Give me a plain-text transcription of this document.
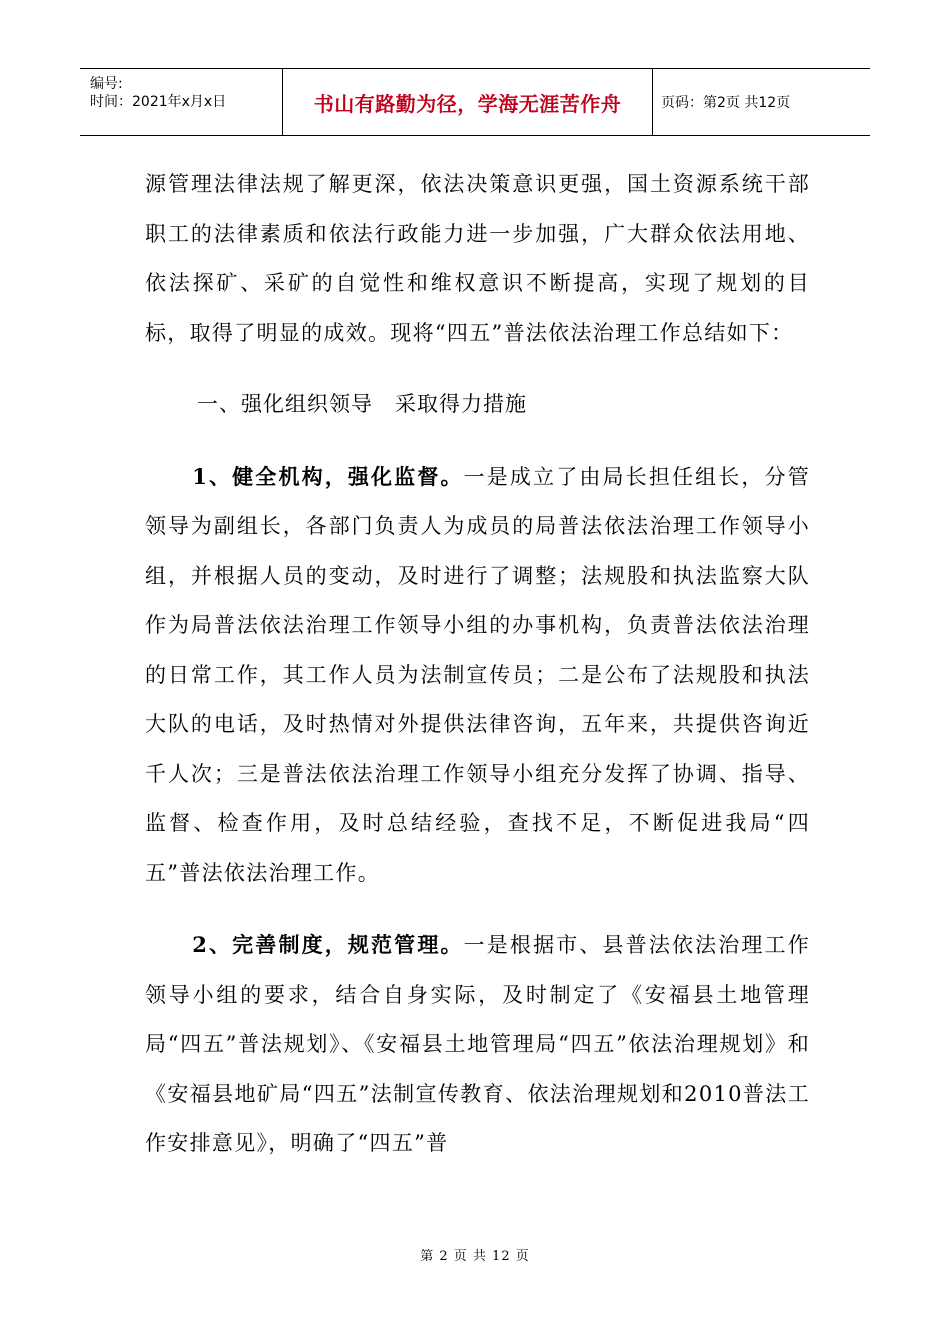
编号:
时间：2021年x月x日	书山有路勤为径，学海无涯苦作舟	页码：第2页 共12页

源管理法律法规了解更深，依法决策意识更强，国土资源系统干部职工的法律素质和依法行政能力进一步加强，广大群众依法用地、依法探矿、采矿的自觉性和维权意识不断提高，实现了规划的目标，取得了明显的成效。现将“四五”普法依法治理工作总结如下：

一、强化组织领导　采取得力措施

1、健全机构，强化监督。一是成立了由局长担任组长，分管领导为副组长，各部门负责人为成员的局普法依法治理工作领导小组，并根据人员的变动，及时进行了调整；法规股和执法监察大队作为局普法依法治理工作领导小组的办事机构，负责普法依法治理的日常工作，其工作人员为法制宣传员；二是公布了法规股和执法大队的电话，及时热情对外提供法律咨询，五年来，共提供咨询近千人次；三是普法依法治理工作领导小组充分发挥了协调、指导、监督、检查作用，及时总结经验，查找不足，不断促进我局“四五”普法依法治理工作。

2、完善制度，规范管理。一是根据市、县普法依法治理工作领导小组的要求，结合自身实际，及时制定了《安福县土地管理局“四五”普法规划》、《安福县土地管理局“四五”依法治理规划》和《安福县地矿局“四五”法制宣传教育、依法治理规划和2010普法工作安排意见》，明确了“四五”普

第 2 页 共 12 页
